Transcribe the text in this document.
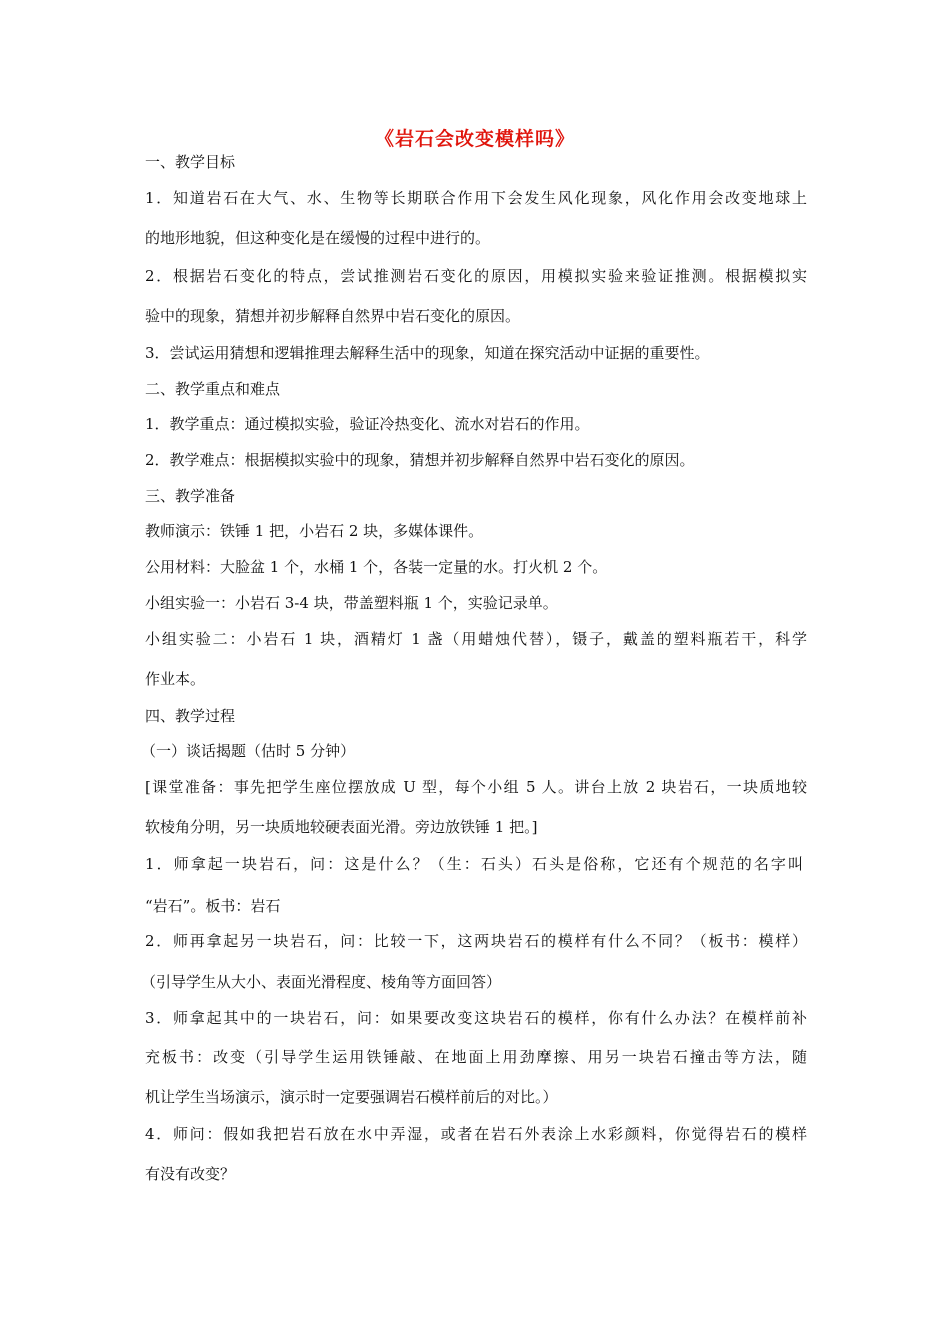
《岩石会改变模样吗》
一、教学目标
1．知道岩石在大气、水、生物等长期联合作用下会发生风化现象，风化作用会改变地球上
的地形地貌，但这种变化是在缓慢的过程中进行的。
2．根据岩石变化的特点，尝试推测岩石变化的原因，用模拟实验来验证推测。根据模拟实
验中的现象，猜想并初步解释自然界中岩石变化的原因。
3．尝试运用猜想和逻辑推理去解释生活中的现象，知道在探究活动中证据的重要性。
二、教学重点和难点
1．教学重点：通过模拟实验，验证冷热变化、流水对岩石的作用。
2．教学难点：根据模拟实验中的现象，猜想并初步解释自然界中岩石变化的原因。
三、教学准备
教师演示：铁锤 1 把，小岩石 2 块，多媒体课件。
公用材料：大脸盆 1 个，水桶 1 个，各装一定量的水。打火机 2 个。
小组实验一：小岩石 3-4 块，带盖塑料瓶 1 个，实验记录单。
小组实验二：小岩石 1 块，酒精灯 1 盏（用蜡烛代替），镊子，戴盖的塑料瓶若干，科学
作业本。
四、教学过程
（一）谈话揭题（估时 5 分钟）
[课堂准备：事先把学生座位摆放成 U 型，每个小组 5 人。讲台上放 2 块岩石，一块质地较
软棱角分明，另一块质地较硬表面光滑。旁边放铁锤 1 把。]
1．师拿起一块岩石，问：这是什么？（生：石头）石头是俗称，它还有个规范的名字叫
“岩石”。板书：岩石
2．师再拿起另一块岩石，问：比较一下，这两块岩石的模样有什么不同？（板书：模样）
（引导学生从大小、表面光滑程度、棱角等方面回答）
3．师拿起其中的一块岩石，问：如果要改变这块岩石的模样，你有什么办法？在模样前补
充板书：改变（引导学生运用铁锤敲、在地面上用劲摩擦、用另一块岩石撞击等方法，随
机让学生当场演示，演示时一定要强调岩石模样前后的对比。）
4．师问：假如我把岩石放在水中弄湿，或者在岩石外表涂上水彩颜料，你觉得岩石的模样
有没有改变？
